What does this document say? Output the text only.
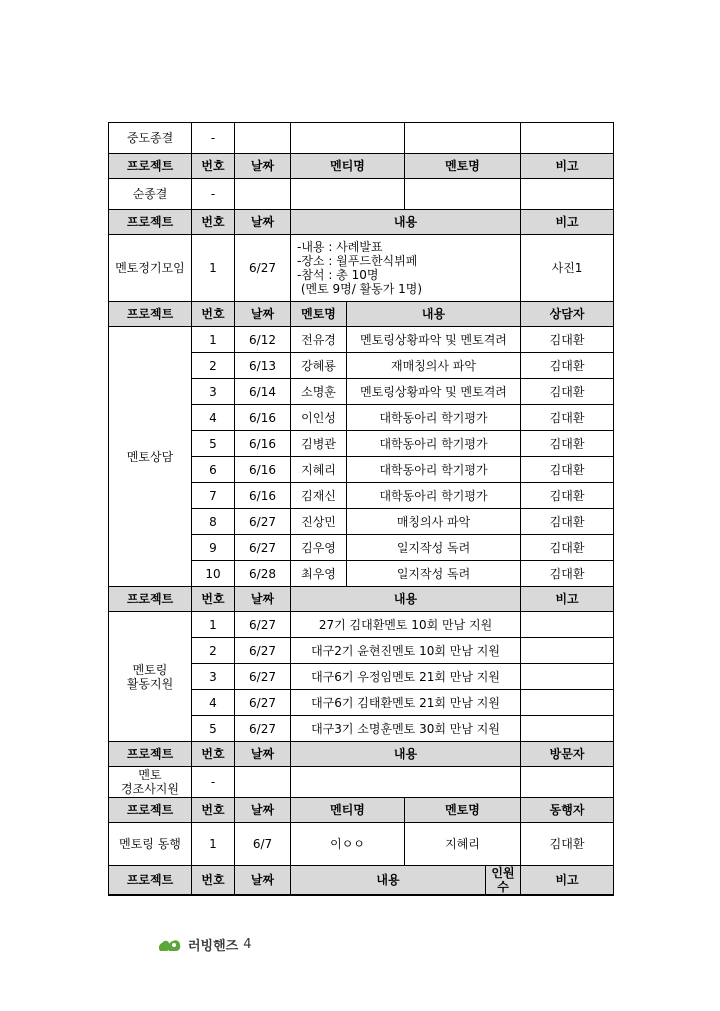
중도종결	-						
프로젝트	번호	날짜	멘티명		멘토명		비고
순종결	-						
프로젝트	번호	날짜	내용				비고
멘토정기모임	1	6/27	-내용 : 사례발표
-장소 : 월푸드한식뷔페
-참석 : 총 10명
(멘토 9명/ 활동가 1명)				사진1
프로젝트	번호	날짜	멘토명	내용			상담자
멘토상담	1	6/12	전유경	멘토링상황파악 및 멘토격려			김대환
	2	6/13	강혜룡	재매칭의사 파악			김대환
	3	6/14	소명훈	멘토링상황파악 및 멘토격려			김대환
	4	6/16	이인성	대학동아리 학기평가			김대환
	5	6/16	김병관	대학동아리 학기평가			김대환
	6	6/16	지혜리	대학동아리 학기평가			김대환
	7	6/16	김재신	대학동아리 학기평가			김대환
	8	6/27	진상민	매칭의사 파악			김대환
	9	6/27	김우영	일지작성 독려			김대환
	10	6/28	최우영	일지작성 독려			김대환
프로젝트	번호	날짜	내용				비고

멘토링
활동지원	1	6/27	27기 김대환멘토 10회 만남 지원				
	2	6/27	대구2기 윤현진멘토 10회 만남 지원				
	3	6/27	대구6기 우정임멘토 21회 만남 지원				
	4	6/27	대구6기 김태환멘토 21회 만남 지원				
	5	6/27	대구3기 소명훈멘토 30회 만남 지원				
프로젝트	번호	날짜	내용				방문자

멘토
경조사지원	-						
프로젝트	번호	날짜	멘티명		멘토명		동행자
멘토링 동행	1	6/7	이ㅇㅇ		지혜리		김대환
프로젝트	번호	날짜	내용			인원수	비고
러빙핸즈 4
